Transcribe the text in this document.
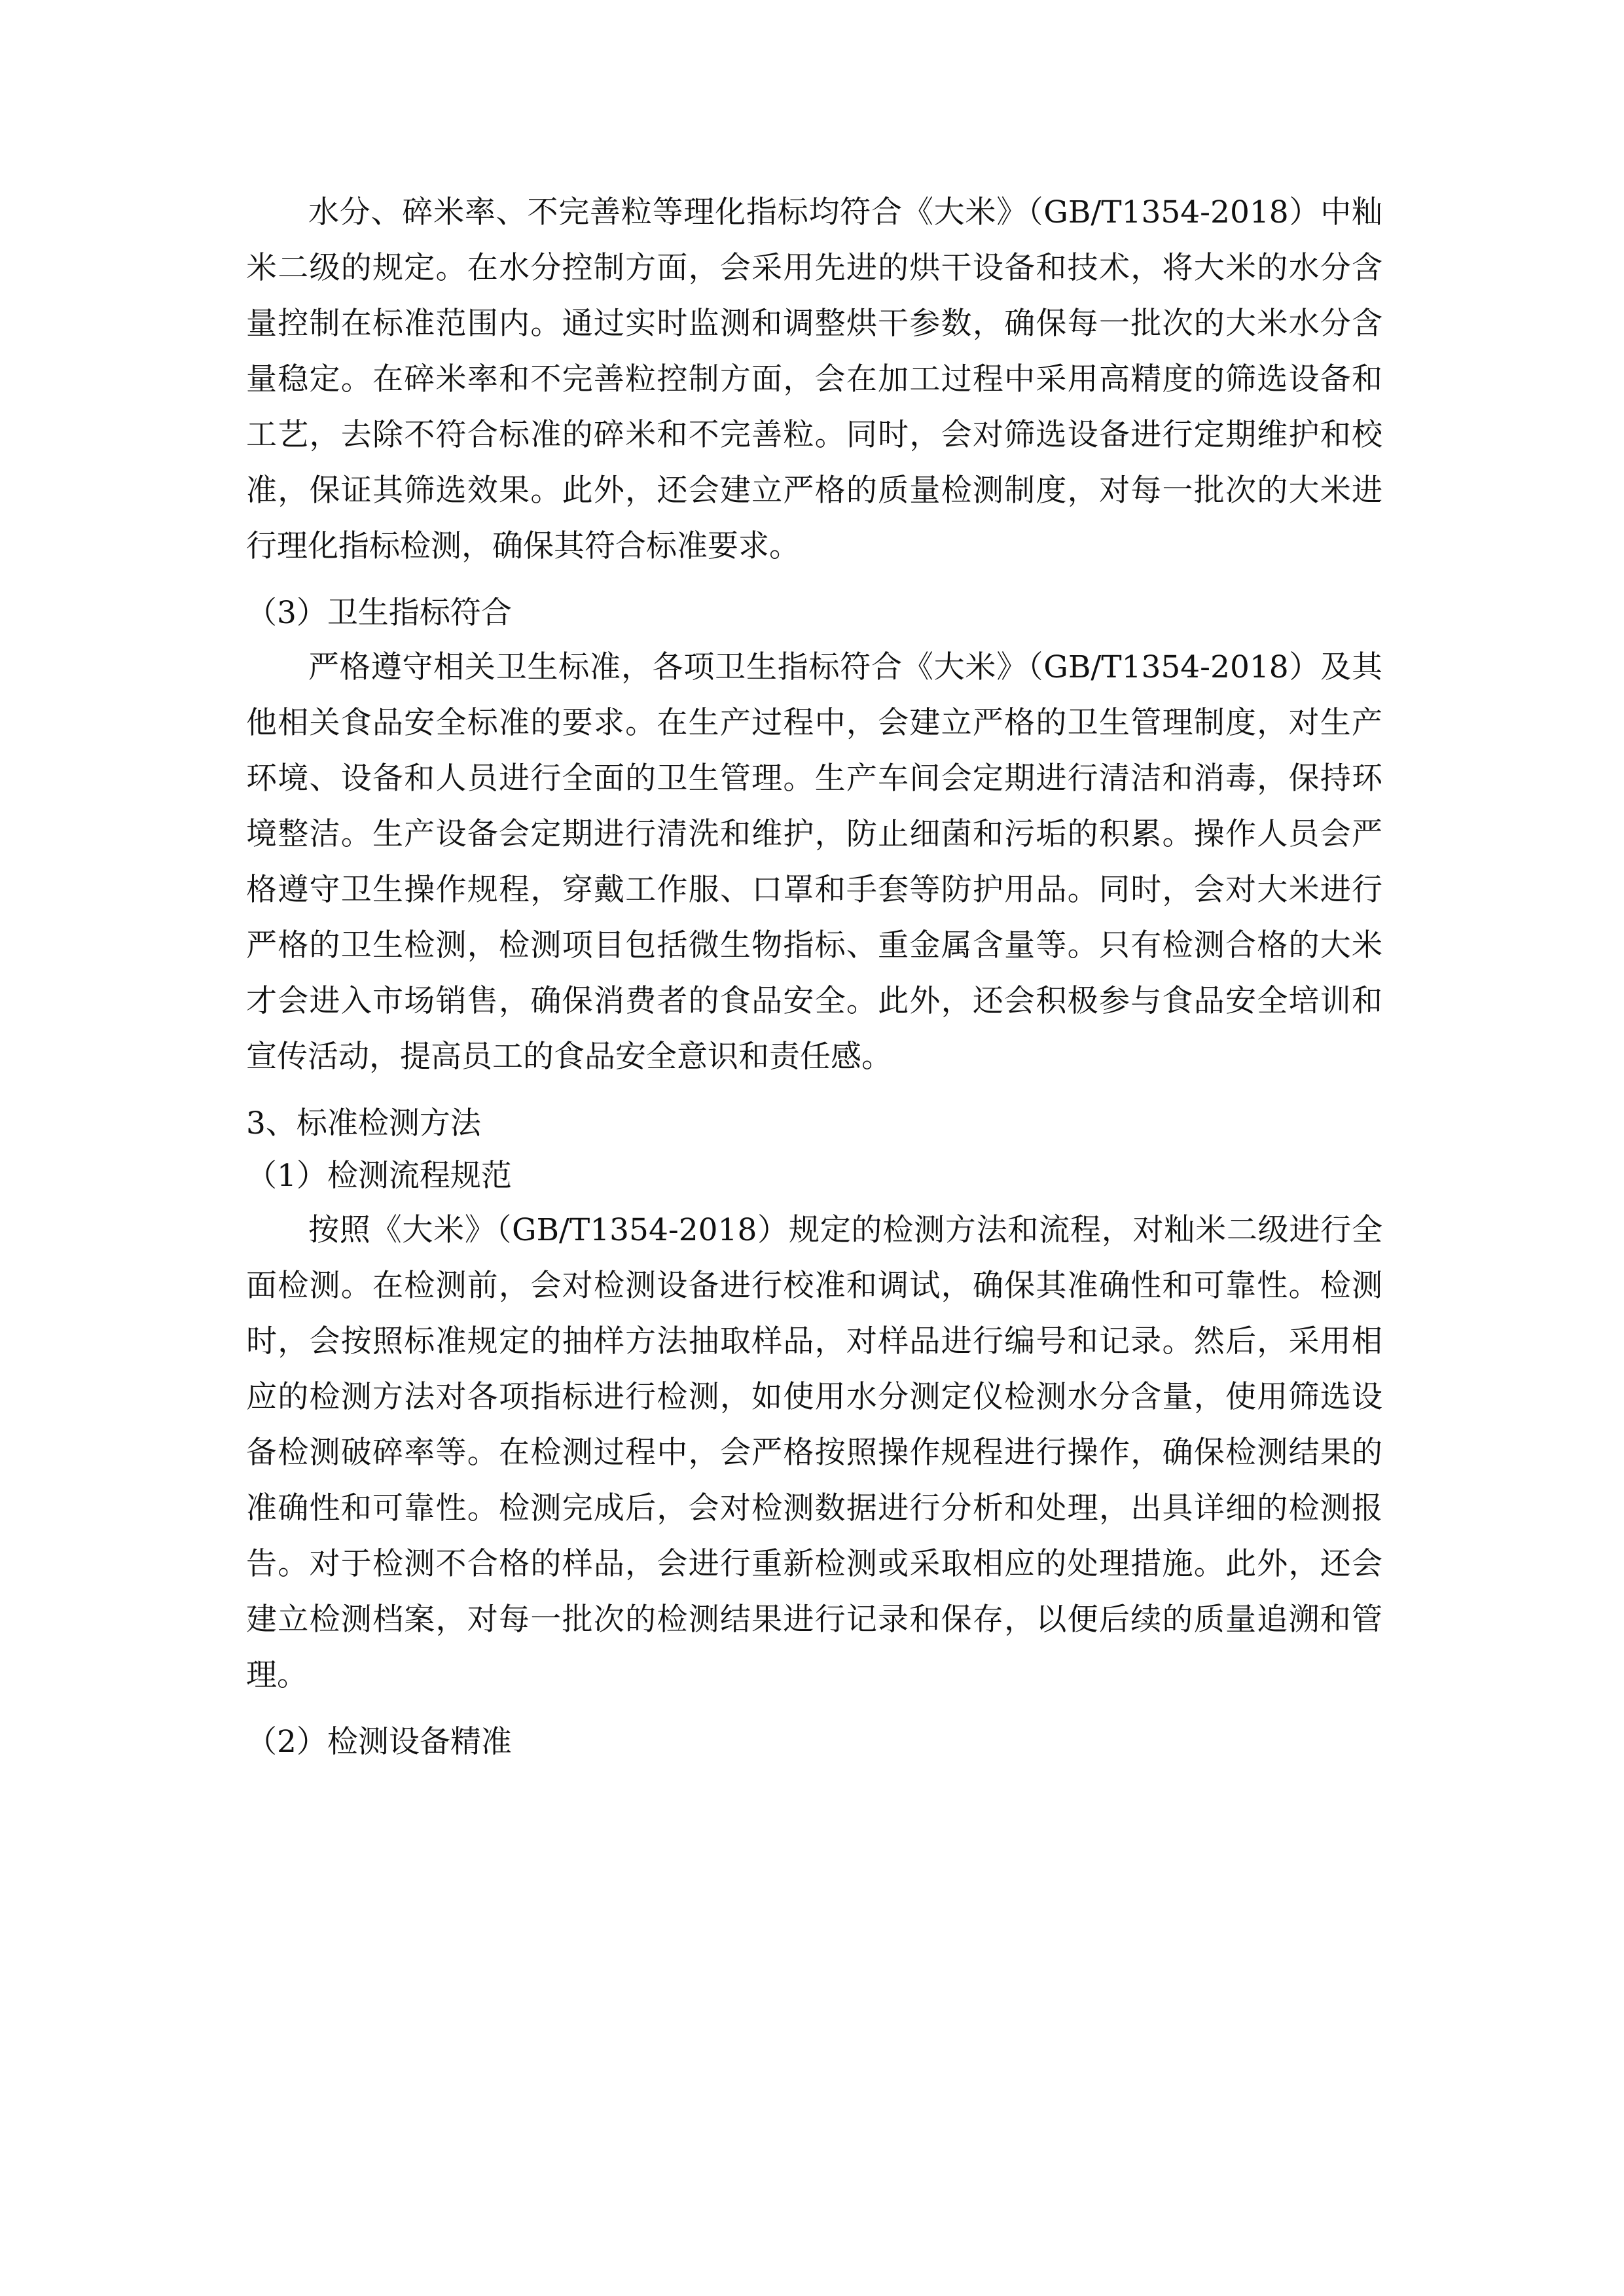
水分、碎米率、不完善粒等理化指标均符合《大米》（GB/T1354-2018）中籼米二级的规定。在水分控制方面，会采用先进的烘干设备和技术，将大米的水分含量控制在标准范围内。通过实时监测和调整烘干参数，确保每一批次的大米水分含量稳定。在碎米率和不完善粒控制方面，会在加工过程中采用高精度的筛选设备和工艺，去除不符合标准的碎米和不完善粒。同时，会对筛选设备进行定期维护和校准，保证其筛选效果。此外，还会建立严格的质量检测制度，对每一批次的大米进行理化指标检测，确保其符合标准要求。

（3）卫生指标符合

严格遵守相关卫生标准，各项卫生指标符合《大米》（GB/T1354-2018）及其他相关食品安全标准的要求。在生产过程中，会建立严格的卫生管理制度，对生产环境、设备和人员进行全面的卫生管理。生产车间会定期进行清洁和消毒，保持环境整洁。生产设备会定期进行清洗和维护，防止细菌和污垢的积累。操作人员会严格遵守卫生操作规程，穿戴工作服、口罩和手套等防护用品。同时，会对大米进行严格的卫生检测，检测项目包括微生物指标、重金属含量等。只有检测合格的大米才会进入市场销售，确保消费者的食品安全。此外，还会积极参与食品安全培训和宣传活动，提高员工的食品安全意识和责任感。

3、标准检测方法

（1）检测流程规范

按照《大米》（GB/T1354-2018）规定的检测方法和流程，对籼米二级进行全面检测。在检测前，会对检测设备进行校准和调试，确保其准确性和可靠性。检测时，会按照标准规定的抽样方法抽取样品，对样品进行编号和记录。然后，采用相应的检测方法对各项指标进行检测，如使用水分测定仪检测水分含量，使用筛选设备检测破碎率等。在检测过程中，会严格按照操作规程进行操作，确保检测结果的准确性和可靠性。检测完成后，会对检测数据进行分析和处理，出具详细的检测报告。对于检测不合格的样品，会进行重新检测或采取相应的处理措施。此外，还会建立检测档案，对每一批次的检测结果进行记录和保存，以便后续的质量追溯和管理。

（2）检测设备精准
